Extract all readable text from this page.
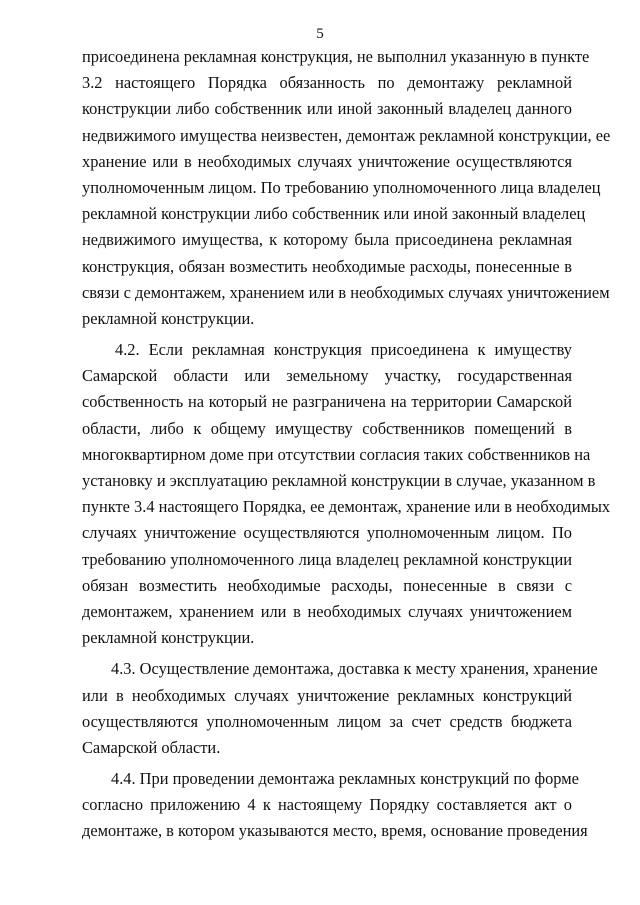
5
присоединена рекламная конструкция, не выполнил указанную в пункте
3.2 настоящего Порядка обязанность по демонтажу рекламной
конструкции либо собственник или иной законный владелец данного
недвижимого имущества неизвестен, демонтаж рекламной конструкции, ее
хранение или в необходимых случаях уничтожение осуществляются
уполномоченным лицом. По требованию уполномоченного лица владелец
рекламной конструкции либо собственник или иной законный владелец
недвижимого имущества, к которому была присоединена рекламная
конструкция, обязан возместить необходимые расходы, понесенные в
связи с демонтажем, хранением или в необходимых случаях уничтожением
рекламной конструкции.
4.2. Если рекламная конструкция присоединена к имуществу
Самарской области или земельному участку, государственная
собственность на который не разграничена на территории Самарской
области, либо к общему имуществу собственников помещений в
многоквартирном доме при отсутствии согласия таких собственников на
установку и эксплуатацию рекламной конструкции в случае, указанном в
пункте 3.4 настоящего Порядка, ее демонтаж, хранение или в необходимых
случаях уничтожение осуществляются уполномоченным лицом. По
требованию уполномоченного лица владелец рекламной конструкции
обязан возместить необходимые расходы, понесенные в связи с
демонтажем, хранением или в необходимых случаях уничтожением
рекламной конструкции.
4.3. Осуществление демонтажа, доставка к месту хранения, хранение
или в необходимых случаях уничтожение рекламных конструкций
осуществляются уполномоченным лицом за счет средств бюджета
Самарской области.
4.4. При проведении демонтажа рекламных конструкций по форме
согласно приложению 4 к настоящему Порядку составляется акт о
демонтаже, в котором указываются место, время, основание проведения
